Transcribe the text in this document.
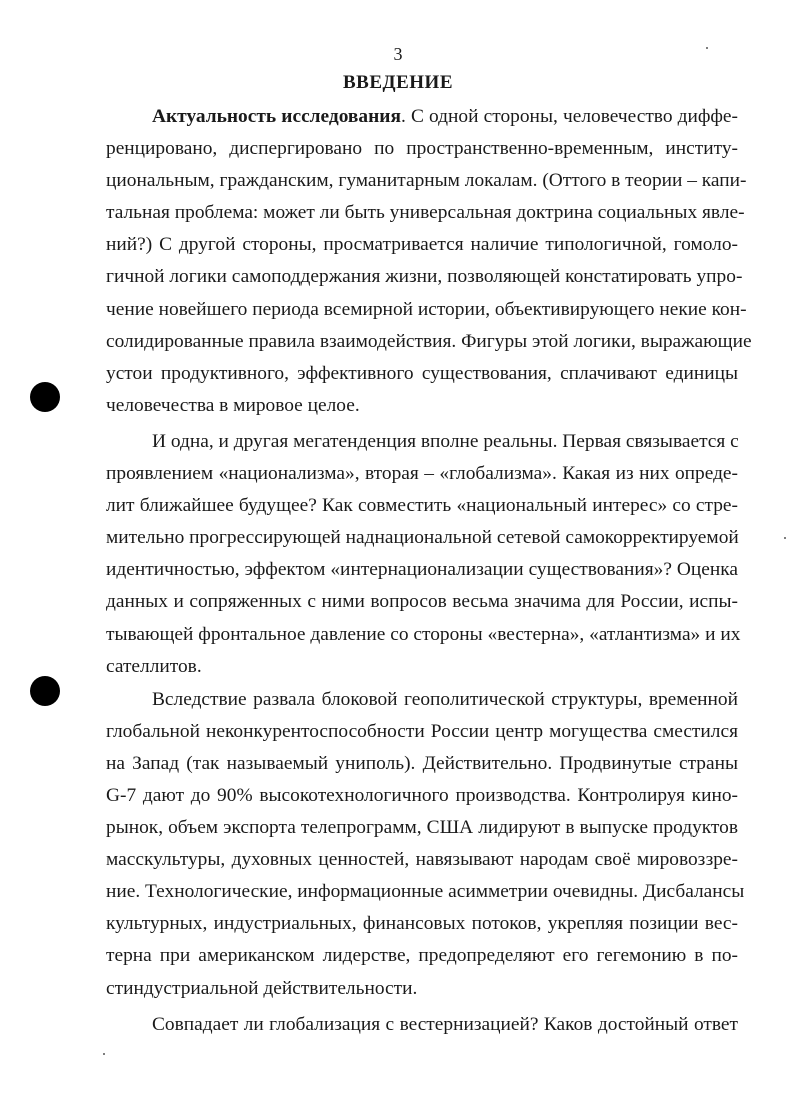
3
ВВЕДЕНИЕ

Актуальность исследования. С одной стороны, человечество диффе-
ренцировано, диспергировано по пространственно-временным, институ-
циональным, гражданским, гуманитарным локалам. (Оттого в теории – капи-
тальная проблема: может ли быть универсальная доктрина социальных явле-
ний?) С другой стороны, просматривается наличие типологичной, гомоло-
гичной логики самоподдержания жизни, позволяющей констатировать упро-
чение новейшего периода всемирной истории, объективирующего некие кон-
солидированные правила взаимодействия. Фигуры этой логики, выражающие
устои продуктивного, эффективного существования, сплачивают единицы
человечества в мировое целое.

И одна, и другая мегатенденция вполне реальны. Первая связывается с
проявлением «национализма», вторая – «глобализма». Какая из них опреде-
лит ближайшее будущее? Как совместить «национальный интерес» со стре-
мительно прогрессирующей наднациональной сетевой самокорректируемой
идентичностью, эффектом «интернационализации существования»? Оценка
данных и сопряженных с ними вопросов весьма значима для России, испы-
тывающей фронтальное давление со стороны «вестерна», «атлантизма» и их
сателлитов.

Вследствие развала блоковой геополитической структуры, временной
глобальной неконкурентоспособности России центр могущества сместился
на Запад (так называемый униполь). Действительно. Продвинутые страны
G-7 дают до 90% высокотехнологичного производства. Контролируя кино-
рынок, объем экспорта телепрограмм, США лидируют в выпуске продуктов
масскультуры, духовных ценностей, навязывают народам своё мировоззре-
ние. Технологические, информационные асимметрии очевидны. Дисбалансы
культурных, индустриальных, финансовых потоков, укрепляя позиции вес-
терна при американском лидерстве, предопределяют его гегемонию в по-
стиндустриальной действительности.

Совпадает ли глобализация с вестернизацией? Каков достойный ответ
